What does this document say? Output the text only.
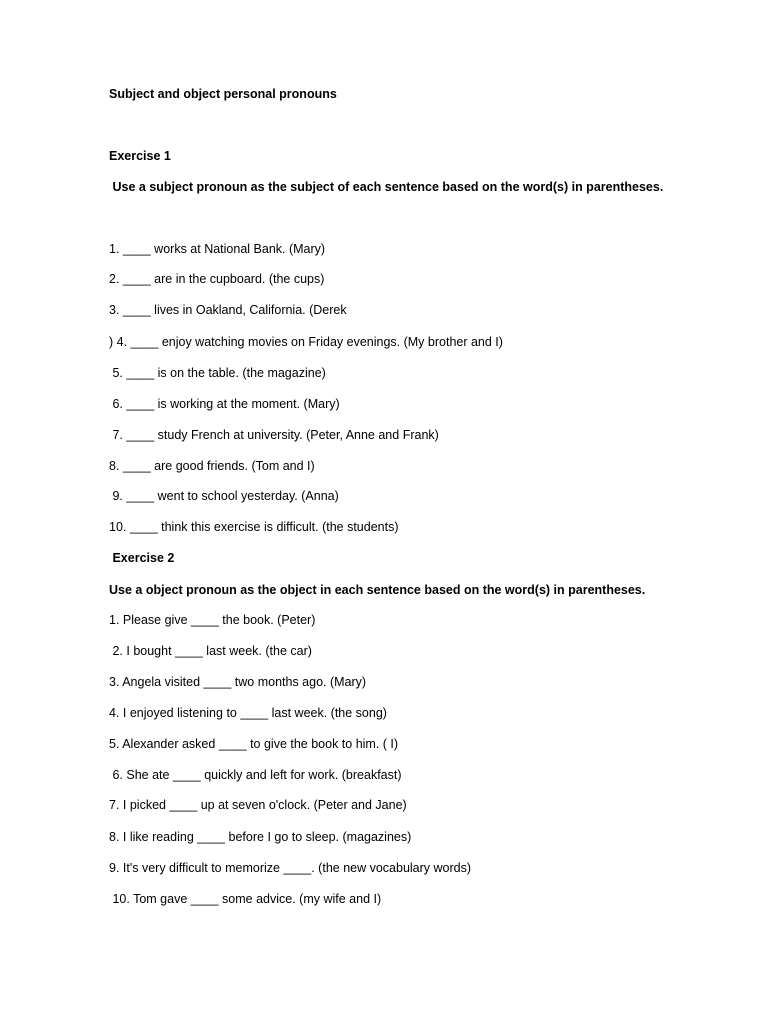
Subject and object personal pronouns
Exercise 1
Use a subject pronoun as the subject of each sentence based on the word(s) in parentheses.
1. ____ works at National Bank. (Mary)
2. ____ are in the cupboard. (the cups)
3. ____ lives in Oakland, California. (Derek
) 4. ____ enjoy watching movies on Friday evenings. (My brother and I)
5. ____ is on the table. (the magazine)
6. ____ is working at the moment. (Mary)
7. ____ study French at university. (Peter, Anne and Frank)
8. ____ are good friends. (Tom and I)
9. ____ went to school yesterday. (Anna)
10. ____ think this exercise is difficult. (the students)
Exercise 2
Use a object pronoun as the object in each sentence based on the word(s) in parentheses.
1. Please give ____ the book. (Peter)
2. I bought ____ last week. (the car)
3. Angela visited ____ two months ago. (Mary)
4. I enjoyed listening to ____ last week. (the song)
5. Alexander asked ____ to give the book to him. ( I)
6. She ate ____ quickly and left for work. (breakfast)
7. I picked ____ up at seven o'clock. (Peter and Jane)
8. I like reading ____ before I go to sleep. (magazines)
9. It's very difficult to memorize ____. (the new vocabulary words)
10. Tom gave ____ some advice. (my wife and I)
